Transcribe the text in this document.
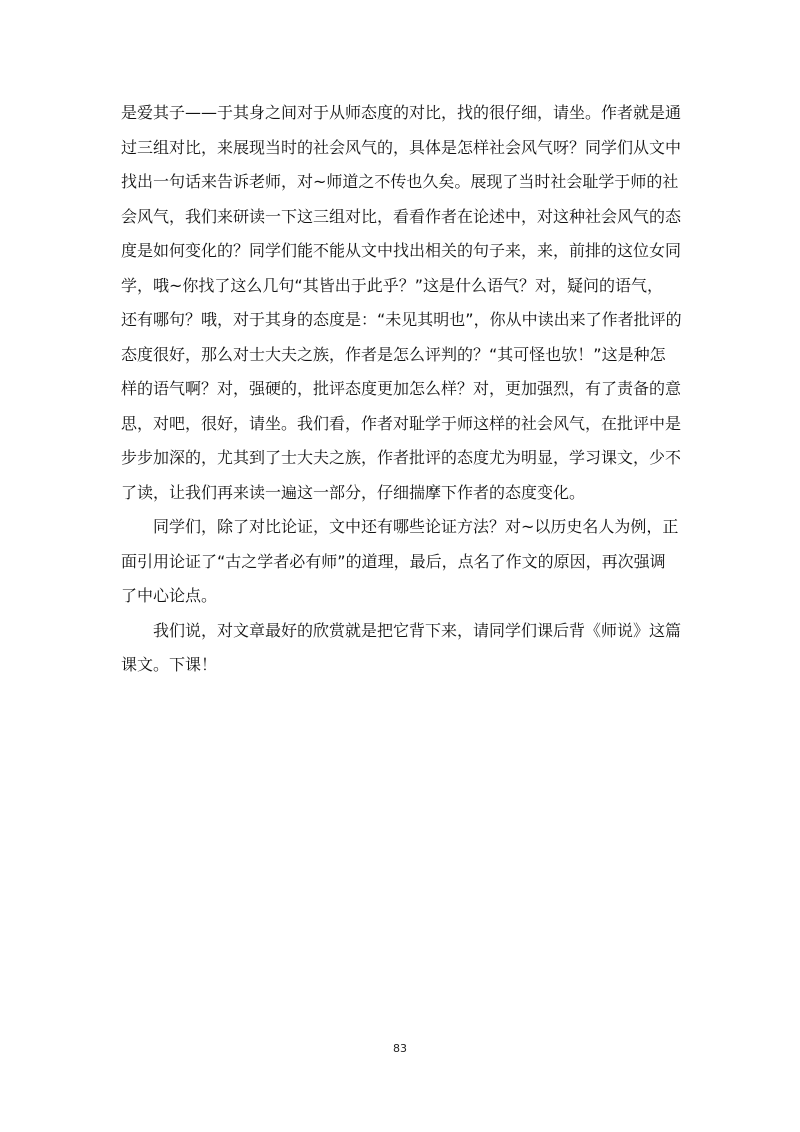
是爱其子——于其身之间对于从师态度的对比，找的很仔细，请坐。作者就是通
过三组对比，来展现当时的社会风气的，具体是怎样社会风气呀？同学们从文中
找出一句话来告诉老师，对~师道之不传也久矣。展现了当时社会耻学于师的社
会风气，我们来研读一下这三组对比，看看作者在论述中，对这种社会风气的态
度是如何变化的？同学们能不能从文中找出相关的句子来，来，前排的这位女同
学，哦~你找了这么几句“其皆出于此乎？”这是什么语气？对，疑问的语气，
还有哪句？哦，对于其身的态度是：“未见其明也”，你从中读出来了作者批评的
态度很好，那么对士大夫之族，作者是怎么评判的？“其可怪也欤！”这是种怎
样的语气啊？对，强硬的，批评态度更加怎么样？对，更加强烈，有了责备的意
思，对吧，很好，请坐。我们看，作者对耻学于师这样的社会风气，在批评中是
步步加深的，尤其到了士大夫之族，作者批评的态度尤为明显，学习课文，少不
了读，让我们再来读一遍这一部分，仔细揣摩下作者的态度变化。
同学们，除了对比论证，文中还有哪些论证方法？对~以历史名人为例，正
面引用论证了“古之学者必有师”的道理，最后，点名了作文的原因，再次强调
了中心论点。
我们说，对文章最好的欣赏就是把它背下来，请同学们课后背《师说》这篇
课文。下课！
83
